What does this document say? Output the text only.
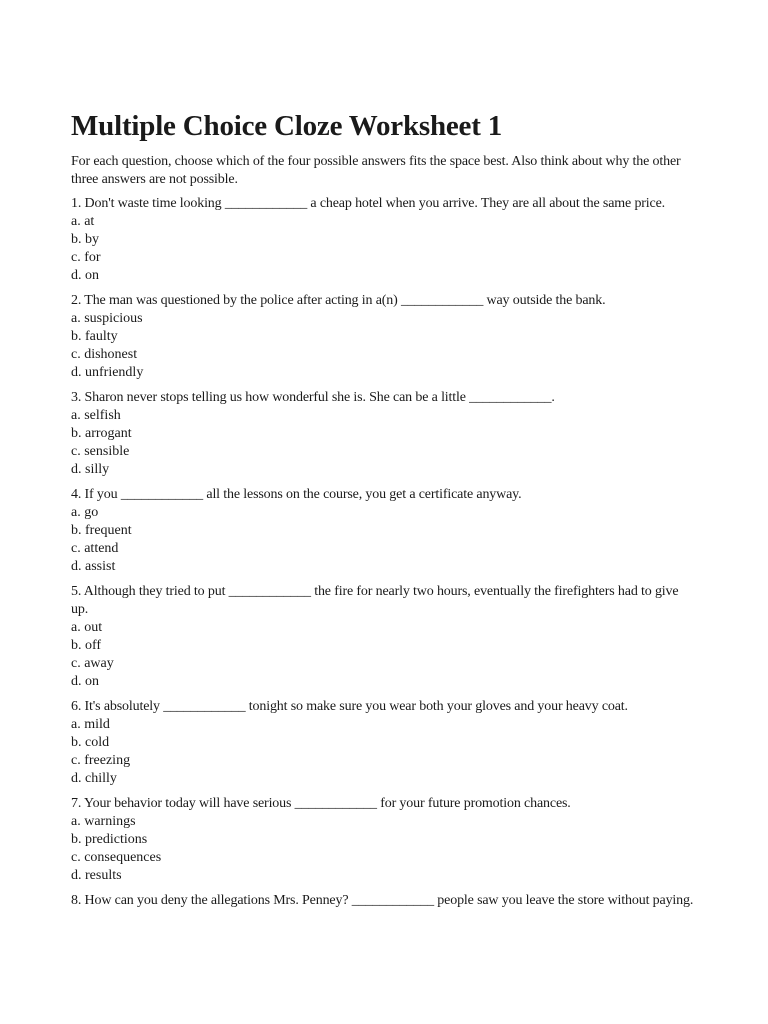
Multiple Choice Cloze Worksheet 1
For each question, choose which of the four possible answers fits the space best. Also think about why the other three answers are not possible.
1. Don't waste time looking ____________ a cheap hotel when you arrive. They are all about the same price.
a. at
b. by
c. for
d. on
2. The man was questioned by the police after acting in a(n) ____________ way outside the bank.
a. suspicious
b. faulty
c. dishonest
d. unfriendly
3. Sharon never stops telling us how wonderful she is. She can be a little ____________.
a. selfish
b. arrogant
c. sensible
d. silly
4. If you ____________ all the lessons on the course, you get a certificate anyway.
a. go
b. frequent
c. attend
d. assist
5. Although they tried to put ____________ the fire for nearly two hours, eventually the firefighters had to give up.
a. out
b. off
c. away
d. on
6. It's absolutely ____________ tonight so make sure you wear both your gloves and your heavy coat.
a. mild
b. cold
c. freezing
d. chilly
7. Your behavior today will have serious ____________ for your future promotion chances.
a. warnings
b. predictions
c. consequences
d. results
8. How can you deny the allegations Mrs. Penney? ____________ people saw you leave the store without paying.
